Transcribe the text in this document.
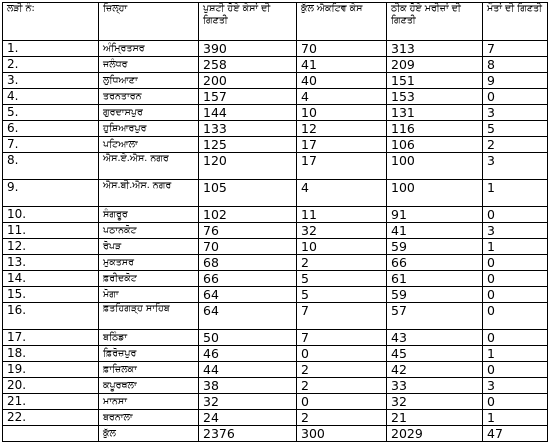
ਲੜੀ ਨੰ:	ਜ਼ਿਲ੍ਹਾ	ਪੁਸ਼ਟੀ ਹੋਏ ਕੇਸਾਂ ਦੀ ਗਿਣਤੀ	ਕੁੱਲ ਐਕਟਿਵ ਕੇਸ	ਠੀਕ ਹੋਏ ਮਰੀਜ਼ਾਂ ਦੀ ਗਿਣਤੀ	ਮੌਤਾਂ ਦੀ ਗਿਣਤੀ
1.	ਅੰਮ੍ਰਿਤਸਰ	390	70	313	7
2.	ਜਲੰਧਰ	258	41	209	8
3.	ਲੁਧਿਆਣਾ	200	40	151	9
4.	ਤਰਨਤਾਰਨ	157	4	153	0
5.	ਗੁਰਦਾਸਪੁਰ	144	10	131	3
6.	ਹੁਸ਼ਿਆਰਪੁਰ	133	12	116	5
7.	ਪਟਿਆਲਾ	125	17	106	2
8.	ਐਸ.ਏ.ਐਸ. ਨਗਰ	120	17	100	3
9.	ਐਸ.ਬੀ.ਐਸ. ਨਗਰ	105	4	100	1
10.	ਸੰਗਰੂਰ	102	11	91	0
11.	ਪਠਾਨਕੋਟ	76	32	41	3
12.	ਰੋਪੜ	70	10	59	1
13.	ਮੁਕਤਸਰ	68	2	66	0
14.	ਫ਼ਰੀਦਕੋਟ	66	5	61	0
15.	ਮੋਗਾ	64	5	59	0
16.	ਫ਼ਤਹਿਗੜ੍ਹ ਸਾਹਿਬ	64	7	57	0
17.	ਬਠਿੰਡਾ	50	7	43	0
18.	ਫ਼ਿਰੋਜ਼ਪੁਰ	46	0	45	1
19.	ਫ਼ਾਜ਼ਿਲਕਾ	44	2	42	0
20.	ਕਪੂਰਥਲਾ	38	2	33	3
21.	ਮਾਨਸਾ	32	0	32	0
22.	ਬਰਨਾਲਾ	24	2	21	1
	ਕੁੱਲ	2376	300	2029	47
